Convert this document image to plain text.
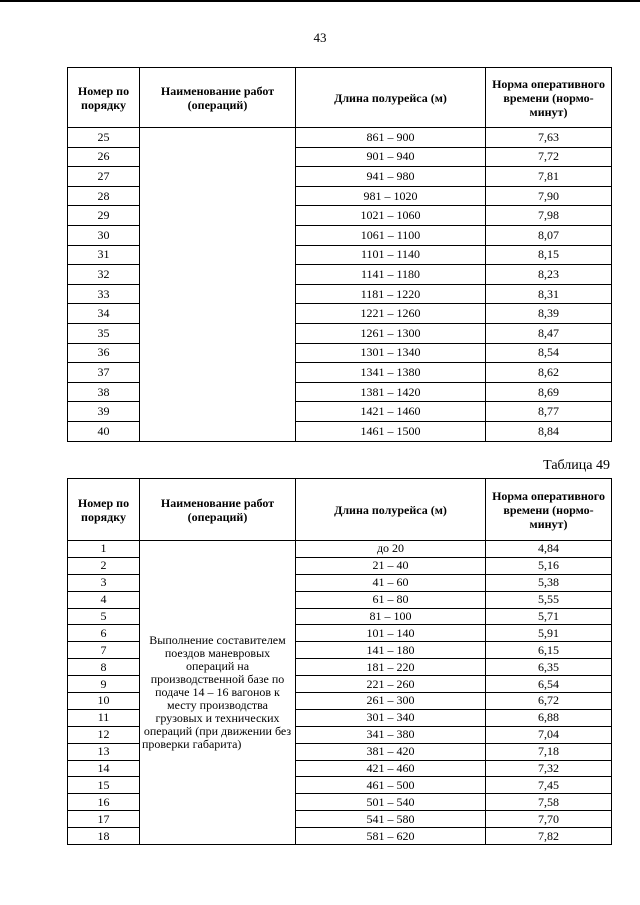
43
Номер по порядку	Наименование работ (операций)	Длина полурейса (м)	Норма оперативного времени (нормо-минут)
25		861 – 900	7,63
26		901 – 940	7,72
27		941 – 980	7,81
28		981 – 1020	7,90
29		1021 – 1060	7,98
30		1061 – 1100	8,07
31		1101 – 1140	8,15
32		1141 – 1180	8,23
33		1181 – 1220	8,31
34		1221 – 1260	8,39
35		1261 – 1300	8,47
36		1301 – 1340	8,54
37		1341 – 1380	8,62
38		1381 – 1420	8,69
39		1421 – 1460	8,77
40		1461 – 1500	8,84
Таблица 49
Номер по порядку	Наименование работ (операций)	Длина полурейса (м)	Норма оперативного времени (нормо-минут)
1	Выполнение составителем поездов маневровых операций на производственной базе по подаче 14 – 16 вагонов к месту производства грузовых и технических операций (при движении без проверки габарита)	до 20	4,84
2		21 – 40	5,16
3		41 – 60	5,38
4		61 – 80	5,55
5		81 – 100	5,71
6		101 – 140	5,91
7		141 – 180	6,15
8		181 – 220	6,35
9		221 – 260	6,54
10		261 – 300	6,72
11		301 – 340	6,88
12		341 – 380	7,04
13		381 – 420	7,18
14		421 – 460	7,32
15		461 – 500	7,45
16		501 – 540	7,58
17		541 – 580	7,70
18		581 – 620	7,82
